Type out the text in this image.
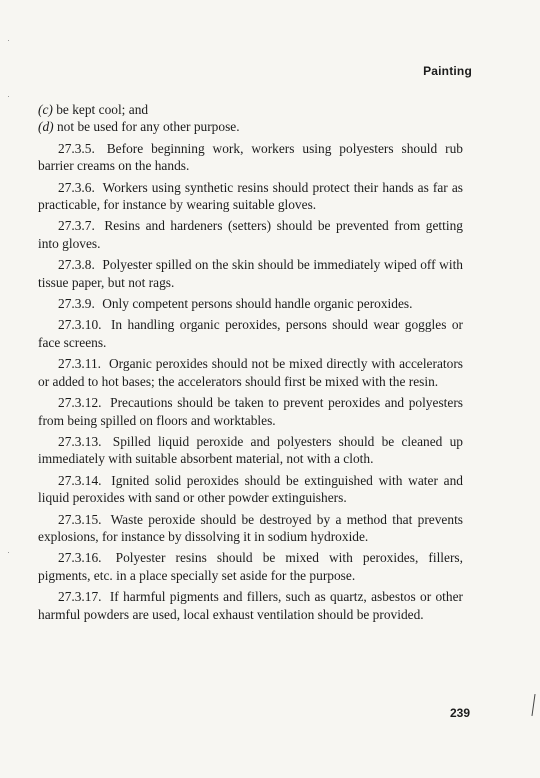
Painting

(c) be kept cool; and

(d) not be used for any other purpose.

27.3.5. Before beginning work, workers using polyesters should rub barrier creams on the hands.

27.3.6. Workers using synthetic resins should protect their hands as far as practicable, for instance by wearing suitable gloves.

27.3.7. Resins and hardeners (setters) should be prevented from getting into gloves.

27.3.8. Polyester spilled on the skin should be immediately wiped off with tissue paper, but not rags.

27.3.9. Only competent persons should handle organic peroxides.

27.3.10. In handling organic peroxides, persons should wear goggles or face screens.

27.3.11. Organic peroxides should not be mixed directly with accelerators or added to hot bases; the accelerators should first be mixed with the resin.

27.3.12. Precautions should be taken to prevent peroxides and polyesters from being spilled on floors and worktables.

27.3.13. Spilled liquid peroxide and polyesters should be cleaned up immediately with suitable absorbent material, not with a cloth.

27.3.14. Ignited solid peroxides should be extinguished with water and liquid peroxides with sand or other powder extinguishers.

27.3.15. Waste peroxide should be destroyed by a method that prevents explosions, for instance by dissolving it in sodium hydroxide.

27.3.16. Polyester resins should be mixed with peroxides, fillers, pigments, etc. in a place specially set aside for the purpose.

27.3.17. If harmful pigments and fillers, such as quartz, asbestos or other harmful powders are used, local exhaust ventilation should be provided.

239
